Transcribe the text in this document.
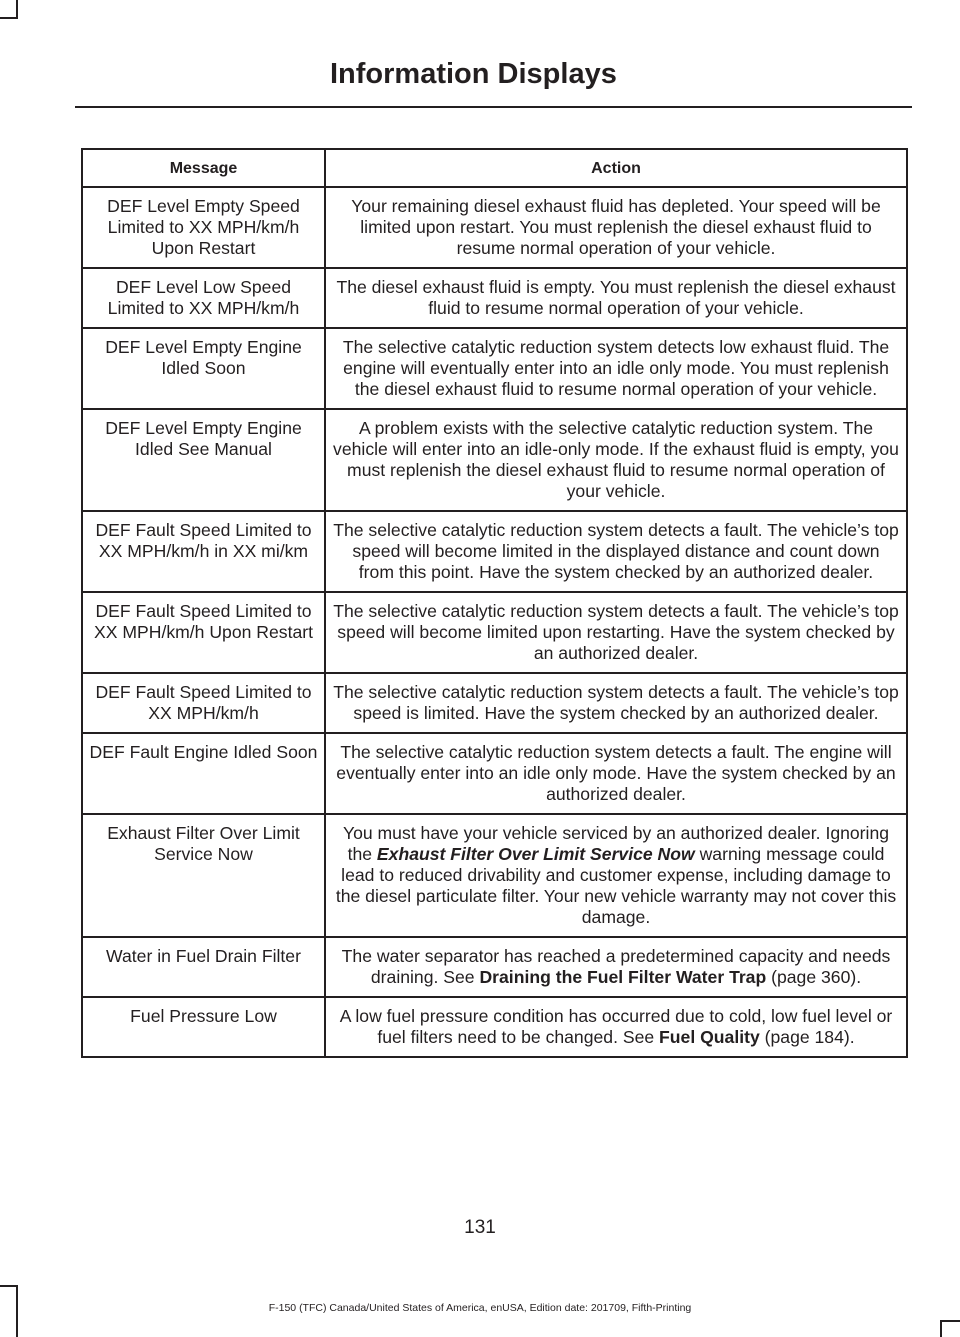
Information Displays
Message	Action
DEF Level Empty Speed Limited to XX MPH/km/h Upon Restart	Your remaining diesel exhaust fluid has depleted. Your speed will be limited upon restart. You must replenish the diesel exhaust fluid to resume normal operation of your vehicle.
DEF Level Low Speed Limited to XX MPH/km/h	The diesel exhaust fluid is empty. You must replenish the diesel exhaust fluid to resume normal operation of your vehicle.
DEF Level Empty Engine Idled Soon	The selective catalytic reduction system detects low exhaust fluid. The engine will eventually enter into an idle only mode. You must replenish the diesel exhaust fluid to resume normal operation of your vehicle.
DEF Level Empty Engine Idled See Manual	A problem exists with the selective catalytic reduction system. The vehicle will enter into an idle-only mode. If the exhaust fluid is empty, you must replenish the diesel exhaust fluid to resume normal operation of your vehicle.
DEF Fault Speed Limited to XX MPH/km/h in XX mi/km	The selective catalytic reduction system detects a fault. The vehicle’s top speed will become limited in the displayed distance and count down from this point. Have the system checked by an authorized dealer.
DEF Fault Speed Limited to XX MPH/km/h Upon Restart	The selective catalytic reduction system detects a fault. The vehicle’s top speed will become limited upon restarting. Have the system checked by an authorized dealer.
DEF Fault Speed Limited to XX MPH/km/h	The selective catalytic reduction system detects a fault. The vehicle’s top speed is limited. Have the system checked by an authorized dealer.
DEF Fault Engine Idled Soon	The selective catalytic reduction system detects a fault. The engine will eventually enter into an idle only mode. Have the system checked by an authorized dealer.
Exhaust Filter Over Limit Service Now	You must have your vehicle serviced by an authorized dealer. Ignoring the Exhaust Filter Over Limit Service Now warning message could lead to reduced drivability and customer expense, including damage to the diesel particulate filter. Your new vehicle warranty may not cover this damage.
Water in Fuel Drain Filter	The water separator has reached a predetermined capacity and needs draining. See Draining the Fuel Filter Water Trap (page 360).
Fuel Pressure Low	A low fuel pressure condition has occurred due to cold, low fuel level or fuel filters need to be changed. See Fuel Quality (page 184).
131
F-150 (TFC) Canada/United States of America, enUSA, Edition date: 201709, Fifth-Printing
